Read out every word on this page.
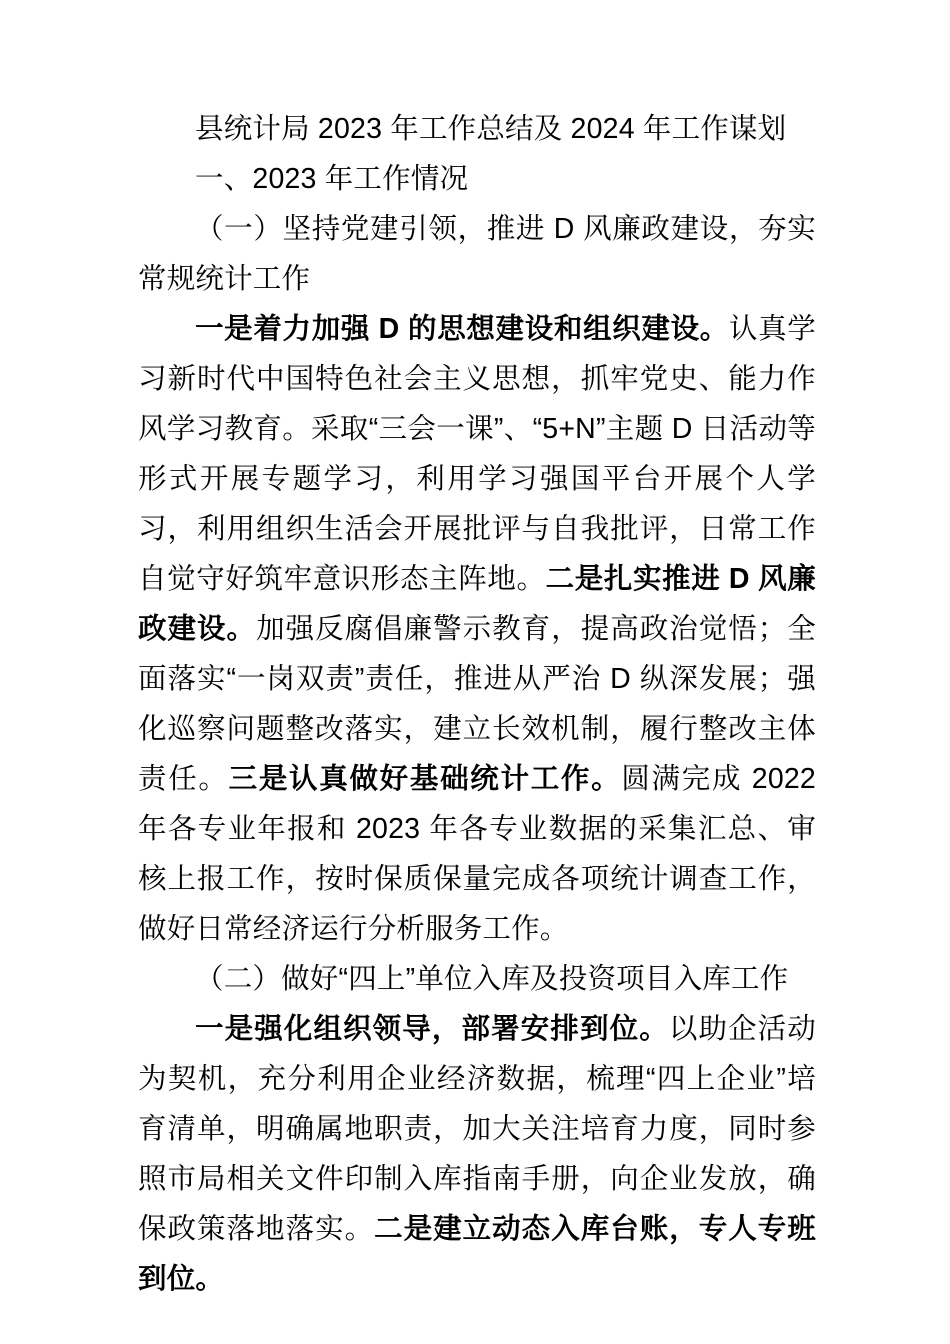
县统计局 2023 年工作总结及 2024 年工作谋划

一、2023 年工作情况

（一）坚持党建引领，推进 D 风廉政建设，夯实常规统计工作

一是着力加强 D 的思想建设和组织建设。认真学习新时代中国特色社会主义思想，抓牢党史、能力作风学习教育。采取“三会一课”、“5+N”主题 D 日活动等形式开展专题学习，利用学习强国平台开展个人学习，利用组织生活会开展批评与自我批评，日常工作自觉守好筑牢意识形态主阵地。二是扎实推进 D 风廉政建设。加强反腐倡廉警示教育，提高政治觉悟；全面落实“一岗双责”责任，推进从严治 D 纵深发展；强化巡察问题整改落实，建立长效机制，履行整改主体责任。三是认真做好基础统计工作。圆满完成 2022 年各专业年报和 2023 年各专业数据的采集汇总、审核上报工作，按时保质保量完成各项统计调查工作，做好日常经济运行分析服务工作。

（二）做好“四上”单位入库及投资项目入库工作

一是强化组织领导，部署安排到位。以助企活动为契机，充分利用企业经济数据，梳理“四上企业”培育清单，明确属地职责，加大关注培育力度，同时参照市局相关文件印制入库指南手册，向企业发放，确保政策落地落实。二是建立动态入库台账，专人专班到位。
